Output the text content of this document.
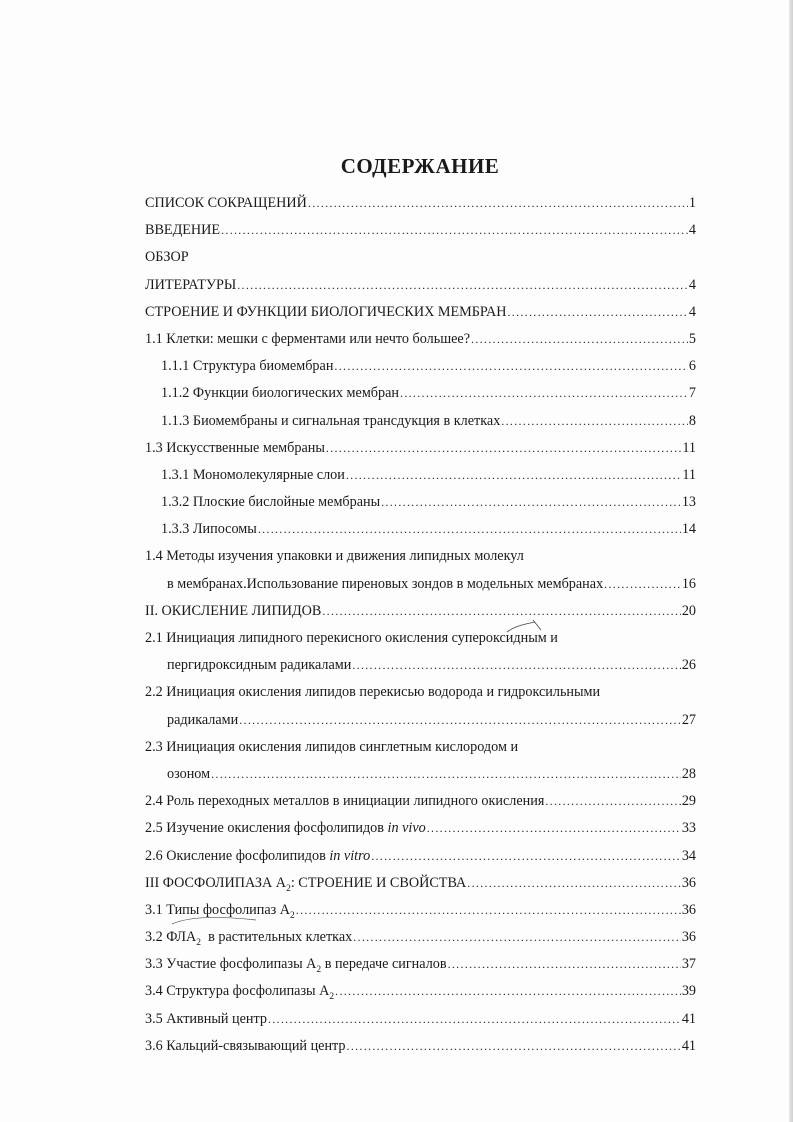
СОДЕРЖАНИЕ
СПИСОК СОКРАЩЕНИЙ .....	1
ВВЕДЕНИЕ .....	4
ОБЗОР
ЛИТЕРАТУРЫ .....	4
СТРОЕНИЕ И ФУНКЦИИ БИОЛОГИЧЕСКИХ МЕМБРАН .....	4
1.1 Клетки: мешки с ферментами или нечто большее? .....	5
1.1.1 Структура биомембран .....	6
1.1.2 Функции биологических мембран .....	7
1.1.3 Биомембраны и сигнальная трансдукция в клетках .....	8
1.3 Искусственные мембраны .....	11
1.3.1 Мономолекулярные слои .....	11
1.3.2 Плоские бислойные мембраны .....	13
1.3.3 Липосомы .....	14
1.4 Методы изучения упаковки и движения липидных молекул
в мембранах.Использование пиреновых зондов в модельных мембранах .....	16
II. ОКИСЛЕНИЕ ЛИПИДОВ .....	20
2.1 Инициация липидного перекисного окисления супероксидным и
пергидроксидным радикалами .....	26
2.2 Инициация окисления липидов перекисью водорода и гидроксильными
радикалами .....	27
2.3 Инициация окисления липидов синглетным кислородом и
озоном .....	28
2.4 Роль переходных металлов в инициации липидного окисления .....	29
2.5 Изучение окисления фосфолипидов in vivo .....	33
2.6 Окисление фосфолипидов in vitro .....	34
III ФОСФОЛИПАЗА $А_2$: СТРОЕНИЕ И СВОЙСТВА .....	36
3.1 Типы фосфолипаз $А_2$ .....	36
3.2 $ФЛА_2$  в растительных клетках .....	36
3.3 Участие фосфолипазы $А_2$ в передаче сигналов .....	37
3.4 Структура фосфолипазы $А_2$ .....	39
3.5 Активный центр .....	41
3.6 Кальций-связывающий центр .....	41
